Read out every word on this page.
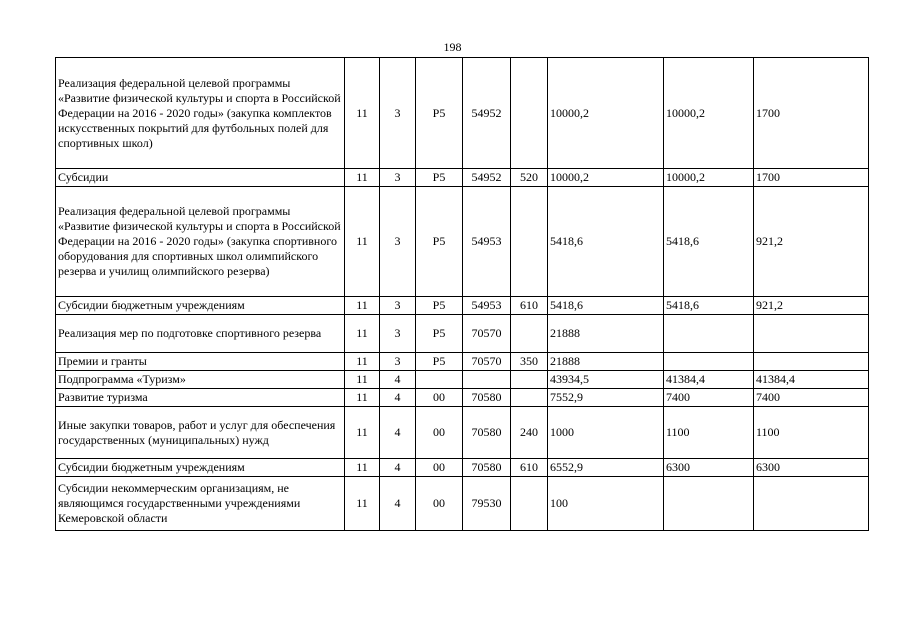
198
Реализация федеральной целевой программы «Развитие физической культуры и спорта в Российской Федерации на 2016 - 2020 годы» (закупка комплектов искусственных покрытий для футбольных полей для спортивных школ)	11	3	Р5	54952		10000,2	10000,2	1700
Субсидии	11	3	Р5	54952	520	10000,2	10000,2	1700
Реализация федеральной целевой программы «Развитие физической культуры и спорта в Российской Федерации на 2016 - 2020 годы» (закупка спортивного оборудования для спортивных школ олимпийского резерва и училищ олимпийского резерва)	11	3	Р5	54953		5418,6	5418,6	921,2
Субсидии бюджетным учреждениям	11	3	Р5	54953	610	5418,6	5418,6	921,2
Реализация мер по подготовке спортивного резерва	11	3	Р5	70570		21888		
Премии и гранты	11	3	Р5	70570	350	21888		
Подпрограмма «Туризм»	11	4				43934,5	41384,4	41384,4
Развитие туризма	11	4	00	70580		7552,9	7400	7400
Иные закупки товаров, работ и услуг для обеспечения государственных (муниципальных) нужд	11	4	00	70580	240	1000	1100	1100
Субсидии бюджетным учреждениям	11	4	00	70580	610	6552,9	6300	6300
Субсидии некоммерческим организациям, не являющимся государственными учреждениями Кемеровской области	11	4	00	79530		100		
